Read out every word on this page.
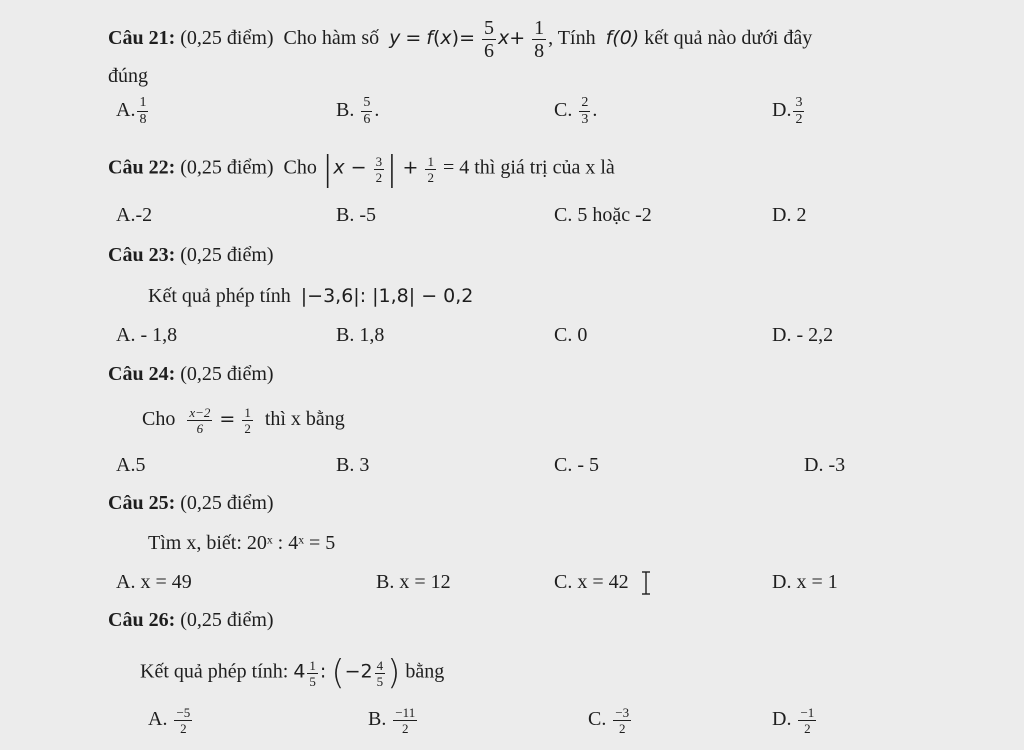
Câu 21: (0,25 điểm) Cho hàm số $y = f(x)= \frac{5}{6} x+ \frac{1}{8}$ , Tính f(0) kết quả nào dưới đây
đúng
A. $\frac{1}{8}$	B. $\frac{5}{6}$ .	C. $\frac{2}{3}$ .	D. $\frac{3}{2}$
Câu 22: (0,25 điểm) Cho $|x - \frac{3}{2}$ | + $\frac{1}{2} = 4$ thì giá trị của x là
A.-2	B. -5	C. 5 hoặc -2	D. 2
Câu 23: (0,25 điểm)
Kết quả phép tính |−3,6|: |1,8| − 0,2
A. - 1,8	B. 1,8	C. 0	D. - 2,2
Câu 24: (0,25 điểm)
Cho $\frac{x-2}{6} = \frac{1}{2}$ thì x bằng
A.5	B. 3	C. - 5	D. -3
Câu 25: (0,25 điểm)
Tìm x, biết: 20ˣ : 4ˣ = 5
A. x = 49	B. x = 12	C. x = 42	D. x = 1
Câu 26: (0,25 điểm)
Kết quả phép tính: $4 \frac{1}{5}$ : ($-2 \frac{4}{5}$ ) bằng
A. $\frac{-5}{2}$	B. $\frac{-11}{2}$	C. $\frac{-3}{2}$	D. $\frac{-1}{2}$
